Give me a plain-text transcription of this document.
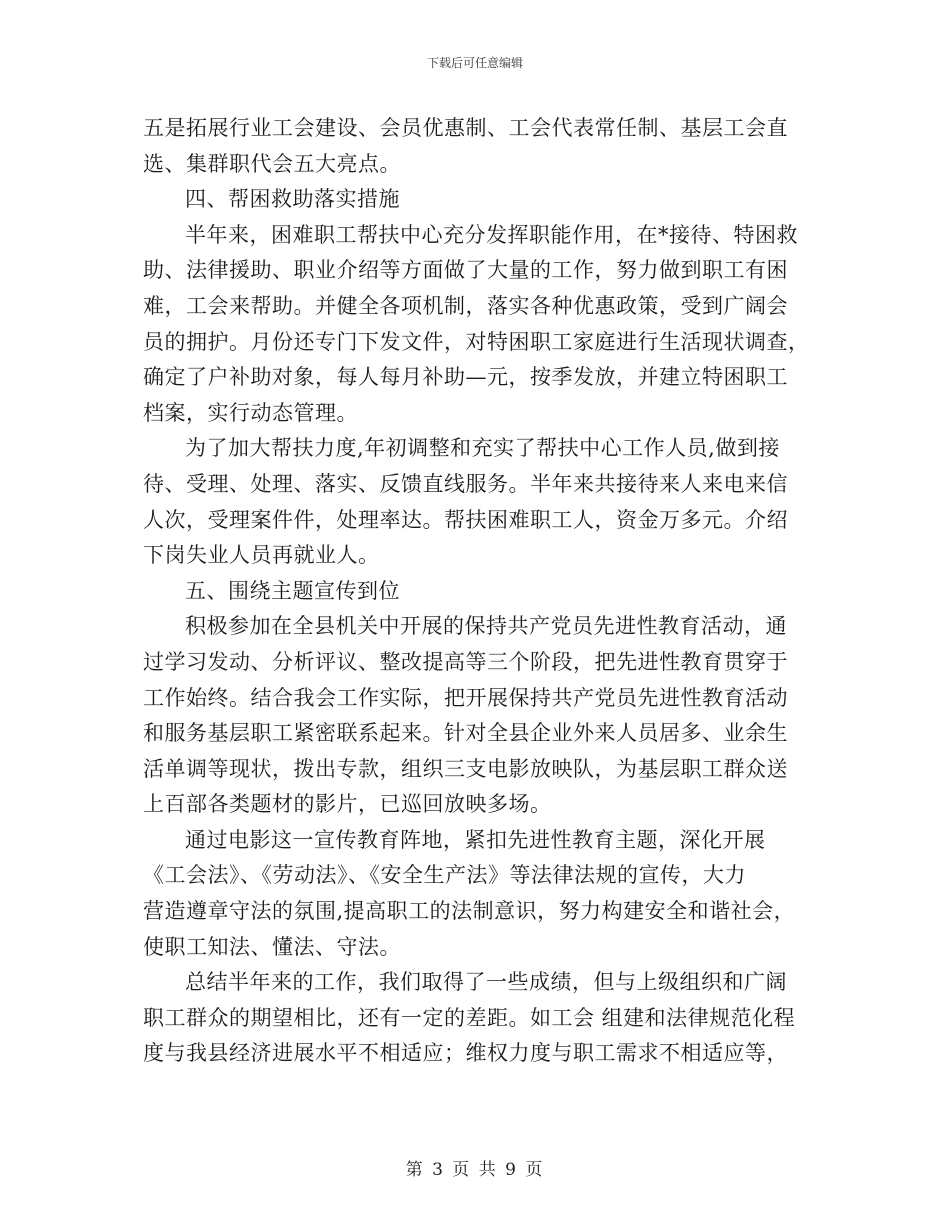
下载后可任意编辑

五是拓展行业工会建设、会员优惠制、工会代表常任制、基层工会直
选、集群职代会五大亮点。
四、帮困救助落实措施
半年来，困难职工帮扶中心充分发挥职能作用，在*接待、特困救
助、法律援助、职业介绍等方面做了大量的工作，努力做到职工有困
难，工会来帮助。并健全各项机制，落实各种优惠政策，受到广阔会
员的拥护。月份还专门下发文件，对特困职工家庭进行生活现状调查，
确定了户补助对象，每人每月补助—元，按季发放，并建立特困职工
档案，实行动态管理。
为了加大帮扶力度,年初调整和充实了帮扶中心工作人员,做到接
待、受理、处理、落实、反馈直线服务。半年来共接待来人来电来信
人次，受理案件件，处理率达。帮扶困难职工人，资金万多元。介绍
下岗失业人员再就业人。
五、围绕主题宣传到位
积极参加在全县机关中开展的保持共产党员先进性教育活动，通
过学习发动、分析评议、整改提高等三个阶段，把先进性教育贯穿于
工作始终。结合我会工作实际，把开展保持共产党员先进性教育活动
和服务基层职工紧密联系起来。针对全县企业外来人员居多、业余生
活单调等现状，拨出专款，组织三支电影放映队，为基层职工群众送
上百部各类题材的影片，已巡回放映多场。
通过电影这一宣传教育阵地，紧扣先进性教育主题，深化开展
《工会法》、《劳动法》、《安全生产法》等法律法规的宣传，大力
营造遵章守法的氛围,提高职工的法制意识，努力构建安全和谐社会，
使职工知法、懂法、守法。
总结半年来的工作，我们取得了一些成绩，但与上级组织和广阔
职工群众的期望相比，还有一定的差距。如工会 组建和法律规范化程
度与我县经济进展水平不相适应；维权力度与职工需求不相适应等，

第 3 页 共 9 页
